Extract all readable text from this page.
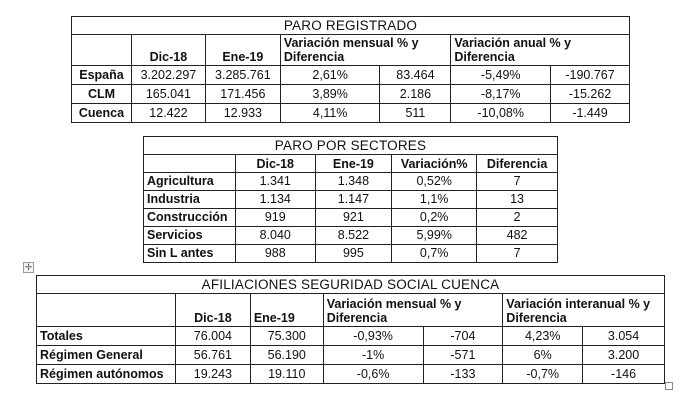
PARO REGISTRADO						
	Dic-18	Ene-19	Variación mensual % y Diferencia		Variación anual % y Diferencia	
España	3.202.297	3.285.761	2,61%	83.464	-5,49%	-190.767
CLM	165.041	171.456	3,89%	2.186	-8,17%	-15.262
Cuenca	12.422	12.933	4,11%	511	-10,08%	-1.449
PARO POR SECTORES				
	Dic-18	Ene-19	Variación%	Diferencia
Agricultura	1.341	1.348	0,52%	7
Industria	1.134	1.147	1,1%	13
Construcción	919	921	0,2%	2
Servicios	8.040	8.522	5,99%	482
Sin L antes	988	995	0,7%	7
✛
AFILIACIONES SEGURIDAD SOCIAL CUENCA						
	Dic-18	Ene-19	Variación mensual % y Diferencia		Variación interanual % y Diferencia	
Totales	76.004	75.300	-0,93%	-704	4,23%	3.054
Régimen General	56.761	56.190	-1%	-571	6%	3.200
Régimen autónomos	19.243	19.110	-0,6%	-133	-0,7%	-146
